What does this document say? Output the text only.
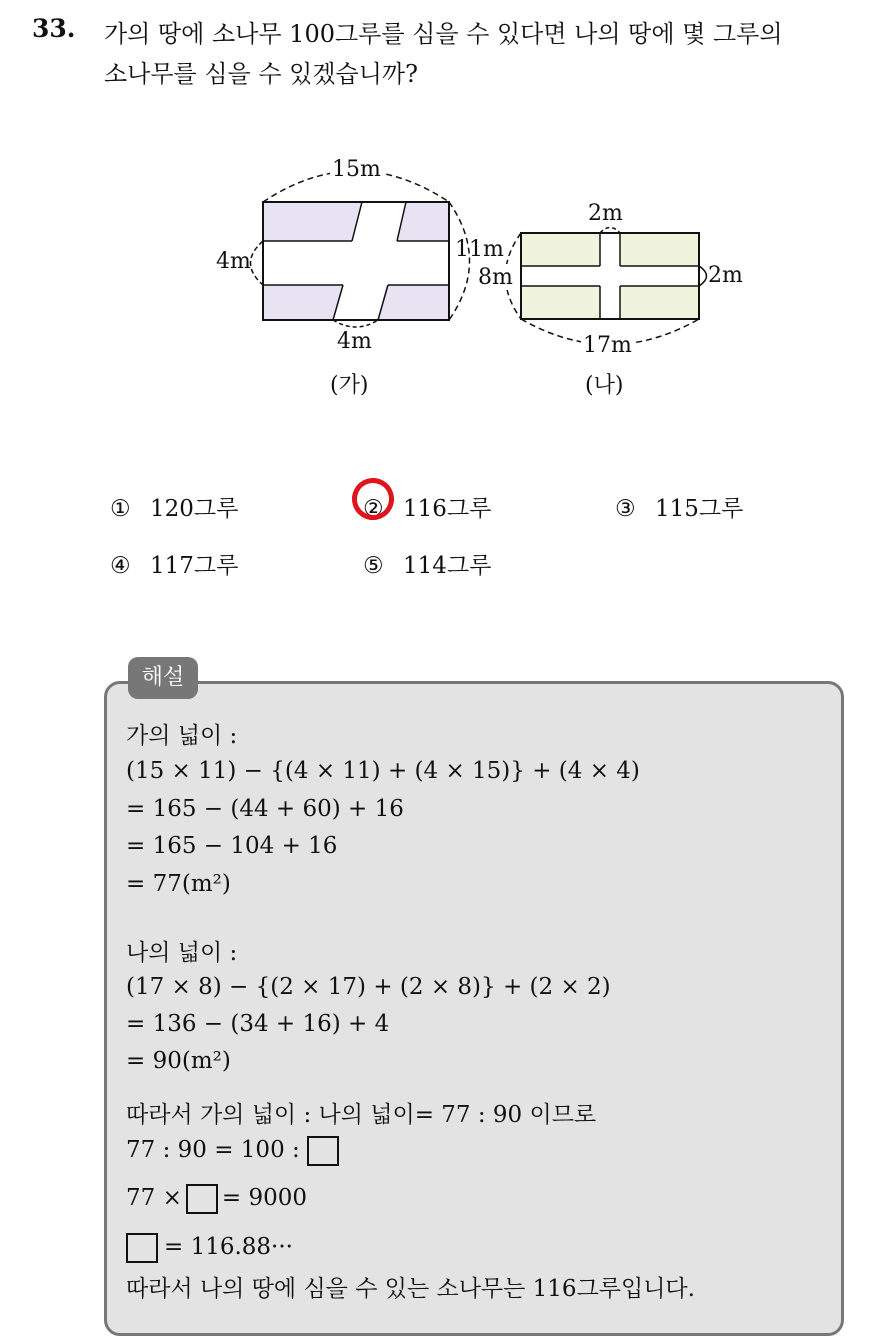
33. 가의 땅에 소나무 100그루를 심을 수 있다면 나의 땅에 몇 그루의
소나무를 심을 수 있겠습니까?
15m
4m	11m
4m
(가)
2m
8m	2m
17m
(나)
① 120그루	② 116그루	③ 115그루
④ 117그루	⑤ 114그루
해설
가의 넓이 :
(15 × 11) − {(4 × 11) + (4 × 15)} + (4 × 4)
= 165 − (44 + 60) + 16
= 165 − 104 + 16
= 77(m²)
나의 넓이 :
(17 × 8) − {(2 × 17) + (2 × 8)} + (2 × 2)
= 136 − (34 + 16) + 4
= 90(m²)
따라서 가의 넓이 : 나의 넓이= 77 : 90 이므로
77 : 90 = 100 :
77 × = 9000
= 116.88···
따라서 나의 땅에 심을 수 있는 소나무는 116그루입니다.
